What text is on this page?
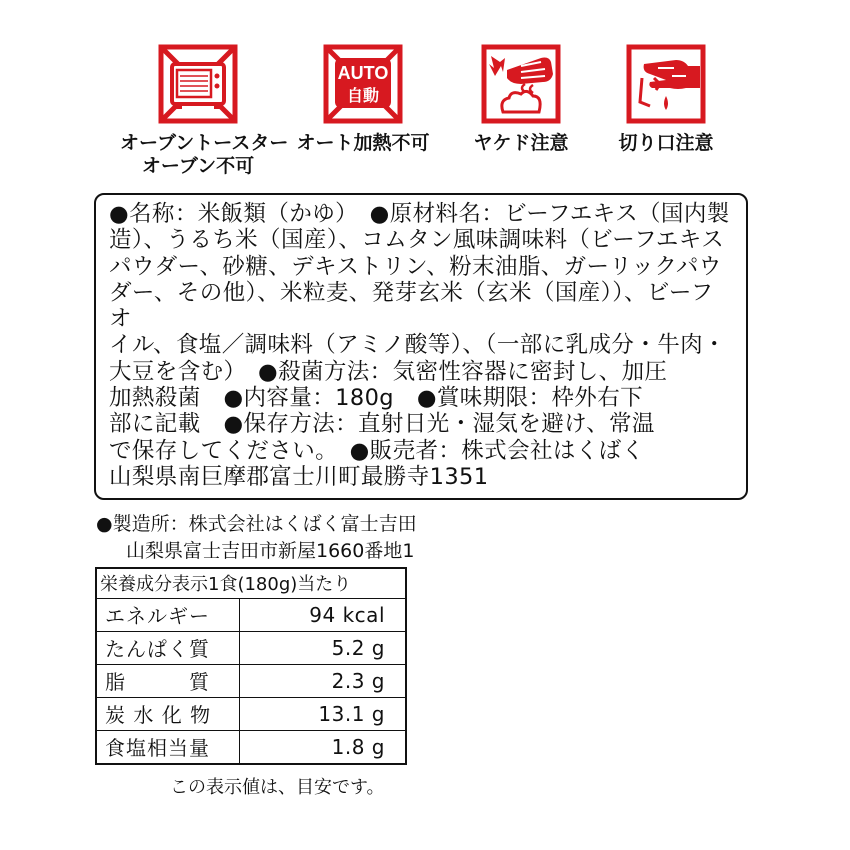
オーブントースター
オーブン不可
AUTO
自動
オート加熱不可	ヤケド注意	切り口注意
●名称：米飯類（かゆ）　●原材料名：ビーフエキス（国内製
造）、うるち米（国産）、コムタン風味調味料（ビーフエキス
パウダー、砂糖、デキストリン、粉末油脂、ガーリックパウ
ダー、その他）、米粒麦、発芽玄米（玄米（国産））、ビーフオ
イル、食塩／調味料（アミノ酸等）、（一部に乳成分・牛肉・
大豆を含む）　●殺菌方法：気密性容器に密封し、加圧
加熱殺菌　●内容量：180g　●賞味期限：枠外右下
部に記載　●保存方法：直射日光・湿気を避け、常温
で保存してください。　●販売者：株式会社はくばく
山梨県南巨摩郡富士川町最勝寺1351
●製造所：株式会社はくばく富士吉田
山梨県富士吉田市新屋1660番地1
栄養成分表示1食(180g)当たり	
エネルギー	94 kcal
たんぱく質	5.2 g
脂　　　質	2.3 g
炭 水 化 物	13.1 g
食塩相当量	1.8 g
この表示値は、目安です。
